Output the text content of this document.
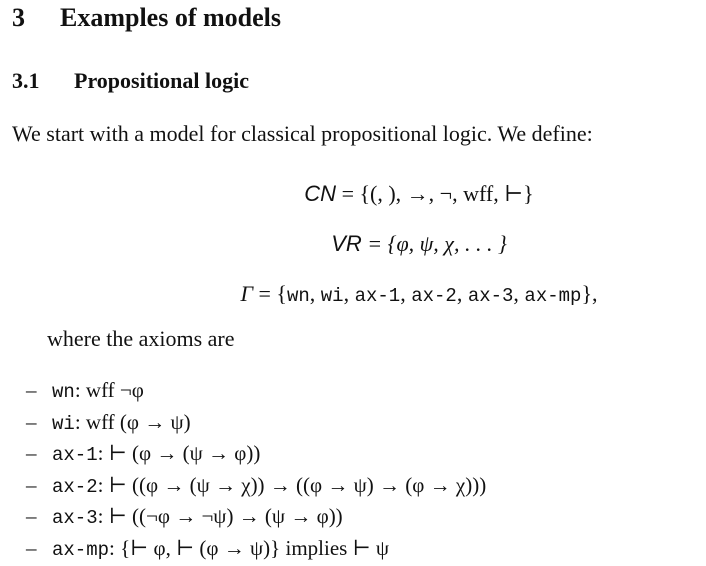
3 Examples of models
3.1 Propositional logic
We start with a model for classical propositional logic. We define:
CN = {(, ), →, ¬, wff, ⊢}
VR = {φ, ψ, χ, . . . }
Γ = {wn, wi, ax-1, ax-2, ax-3, ax-mp},
where the axioms are
– wn: wff ¬φ
– wi: wff (φ → ψ)
– ax-1: ⊢ (φ → (ψ → φ))
– ax-2: ⊢ ((φ → (ψ → χ)) → ((φ → ψ) → (φ → χ)))
– ax-3: ⊢ ((¬φ → ¬ψ) → (ψ → φ))
– ax-mp: {⊢ φ, ⊢ (φ → ψ)} implies ⊢ ψ
